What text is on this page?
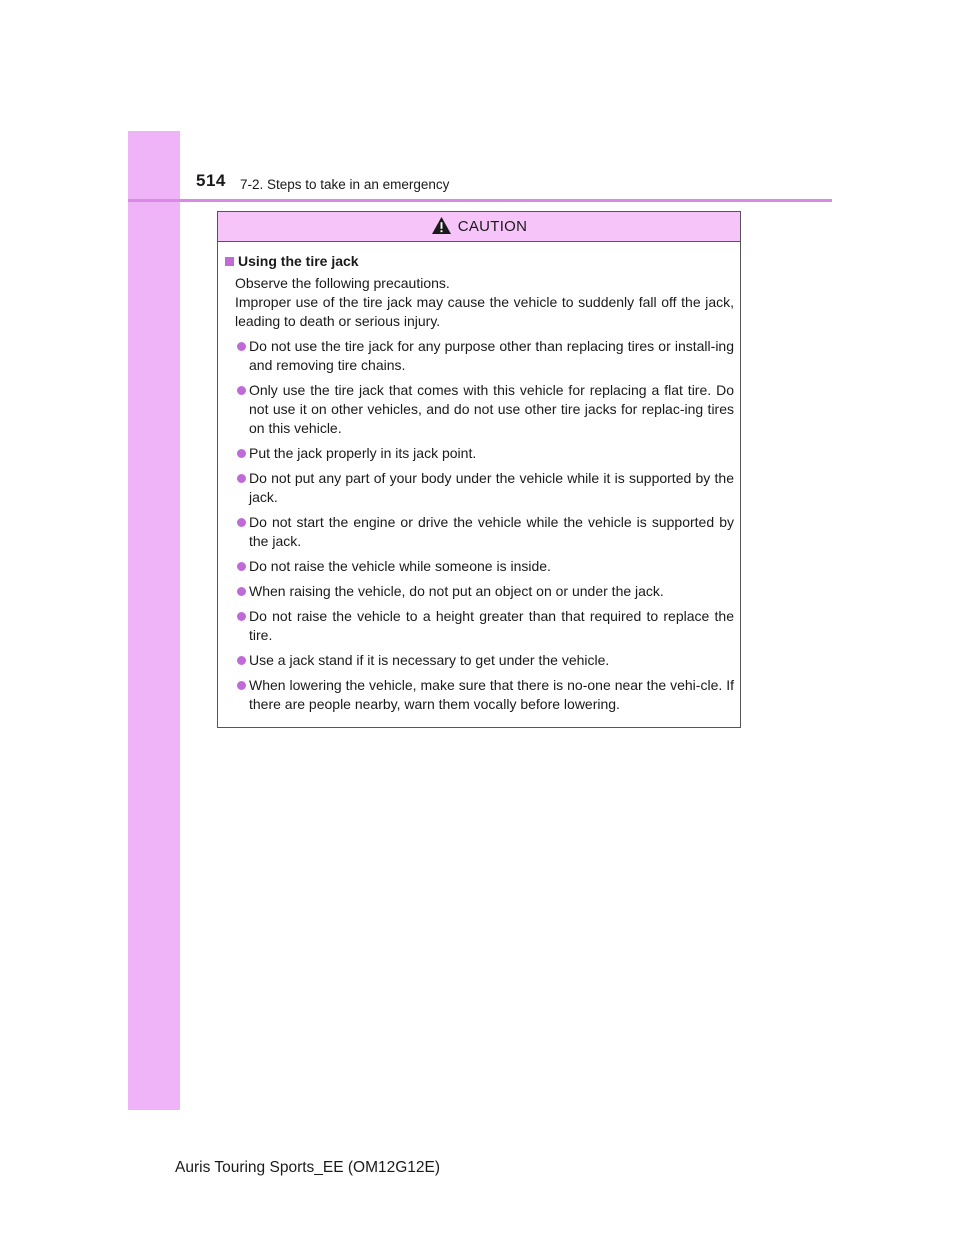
514 7-2. Steps to take in an emergency
CAUTION
Using the tire jack

Observe the following precautions.

Improper use of the tire jack may cause the vehicle to suddenly fall off the jack, leading to death or serious injury.

Do not use the tire jack for any purpose other than replacing tires or install-ing and removing tire chains.
Only use the tire jack that comes with this vehicle for replacing a flat tire. Do not use it on other vehicles, and do not use other tire jacks for replac-ing tires on this vehicle.
Put the jack properly in its jack point.
Do not put any part of your body under the vehicle while it is supported by the jack.
Do not start the engine or drive the vehicle while the vehicle is supported by the jack.
Do not raise the vehicle while someone is inside.
When raising the vehicle, do not put an object on or under the jack.
Do not raise the vehicle to a height greater than that required to replace the tire.
Use a jack stand if it is necessary to get under the vehicle.
When lowering the vehicle, make sure that there is no-one near the vehi-cle. If there are people nearby, warn them vocally before lowering.
Auris Touring Sports_EE (OM12G12E)
